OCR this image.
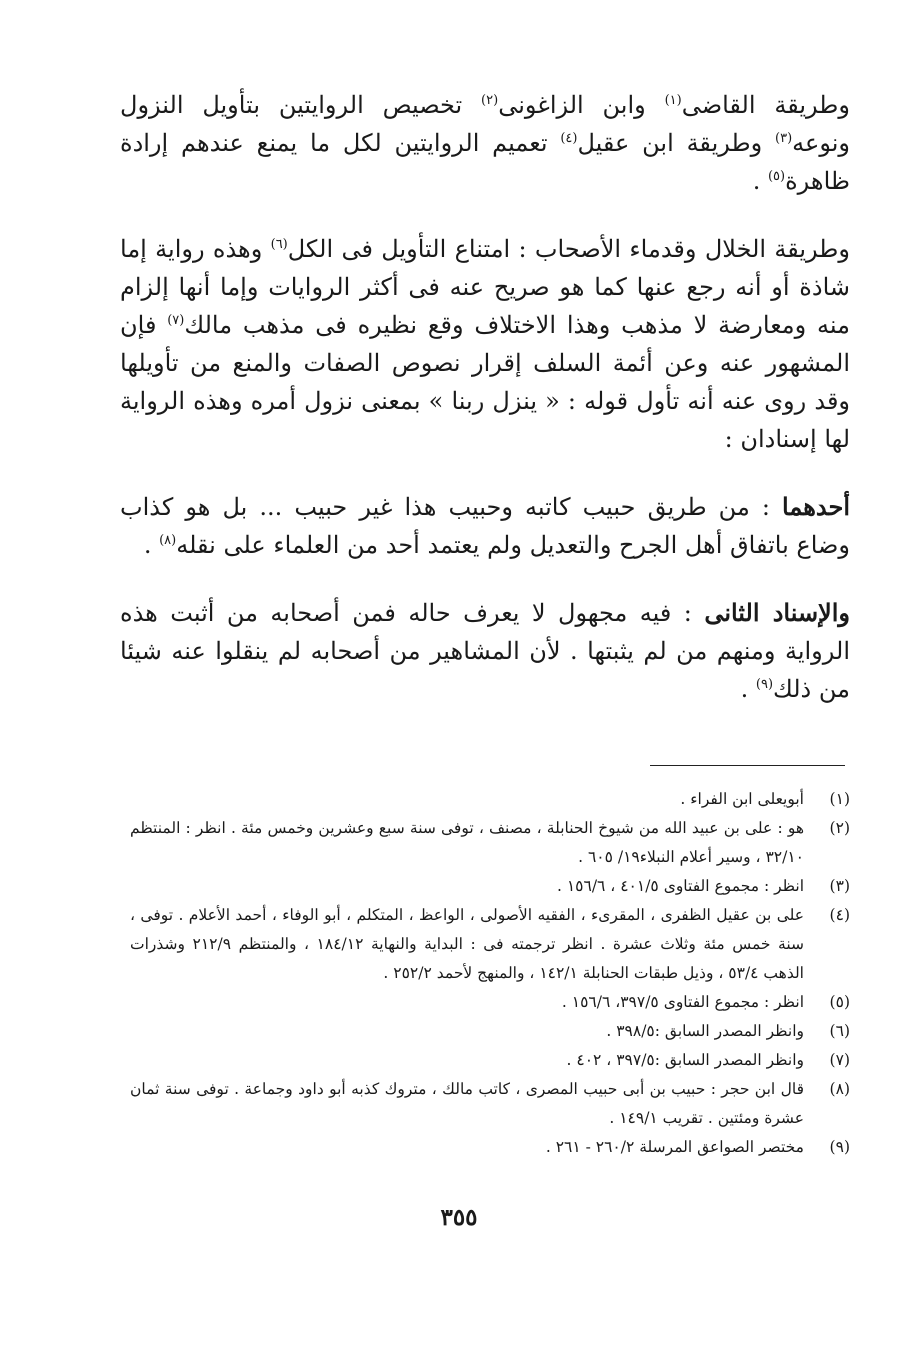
وطريقة القاضى$^{(١)}$ وابن الزاغونى$^{(٢)}$ تخصيص الروايتين بتأويل النزول ونوعه$^{(٣)}$ وطريقة ابن عقيل$^{(٤)}$ تعميم الروايتين لكل ما يمنع عندهم إرادة ظاهرة$^{(٥)}$ .

وطريقة الخلال وقدماء الأصحاب : امتناع التأويل فى الكل$^{(٦)}$ وهذه رواية إما شاذة أو أنه رجع عنها كما هو صريح عنه فى أكثر الروايات وإما أنها إلزام منه ومعارضة لا مذهب وهذا الاختلاف وقع نظيره فى مذهب مالك$^{(٧)}$ فإن المشهور عنه وعن أئمة السلف إقرار نصوص الصفات والمنع من تأويلها وقد روى عنه أنه تأول قوله : « ينزل ربنا » بمعنى نزول أمره وهذه الرواية لها إسنادان :

أحدهما : من طريق حبيب كاتبه وحبيب هذا غير حبيب ... بل هو كذاب وضاع باتفاق أهل الجرح والتعديل ولم يعتمد أحد من العلماء على نقله$^{(٨)}$ .

والإسناد الثانى : فيه مجهول لا يعرف حاله فمن أصحابه من أثبت هذه الرواية ومنهم من لم يثبتها . لأن المشاهير من أصحابه لم ينقلوا عنه شيئا من ذلك$^{(٩)}$ .

(١)
أبويعلى ابن الفراء .
(٢)
هو : على بن عبيد الله من شيوخ الحنابلة ، مصنف ، توفى سنة سبع وعشرين وخمس مئة . انظر : المنتظم ٣٢/١٠ ، وسير أعلام النبلاء١٩/ ٦٠٥ .
(٣)
انظر : مجموع الفتاوى ٤٠١/٥ ، ١٥٦/٦ .
(٤)
على بن عقيل الظفرى ، المقرىء ، الفقيه الأصولى ، الواعظ ، المتكلم ، أبو الوفاء ، أحمد الأعلام . توفى ، سنة خمس مئة وثلاث عشرة . انظر ترجمته فى : البداية والنهاية ١٨٤/١٢ ، والمنتظم ٢١٢/٩ وشذرات الذهب ٥٣/٤ ، وذيل طبقات الحنابلة ١٤٢/١ ، والمنهج لأحمد ٢٥٢/٢ .
(٥)
انظر : مجموع الفتاوى ٣٩٧/٥، ١٥٦/٦ .
(٦)
وانظر المصدر السابق :٣٩٨/٥ .
(٧)
وانظر المصدر السابق :٣٩٧/٥ ، ٤٠٢ .
(٨)
قال ابن حجر : حبيب بن أبى حبيب المصرى ، كاتب مالك ، متروك كذبه أبو داود وجماعة . توفى سنة ثمان عشرة ومئتين . تقريب ١٤٩/١ .
(٩)
مختصر الصواعق المرسلة ٢٦٠/٢ - ٢٦١ .
٣٥٥
